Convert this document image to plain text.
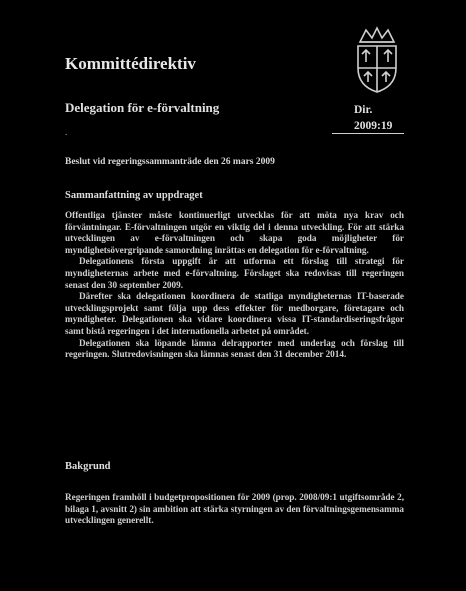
Kommittédirektiv
Delegation för e-förvaltning	Dir.
2009:19
.
Beslut vid regeringssammanträde den 26 mars 2009
Sammanfattning av uppdraget

Offentliga tjänster måste kontinuerligt utvecklas för att möta nya krav och förväntningar. E-förvaltningen utgör en viktig del i denna utveckling. För att stärka utvecklingen av e-förvaltningen och skapa goda möjligheter för myndighetsövergripande samordning inrättas en delegation för e-förvaltning.

Delegationens första uppgift är att utforma ett förslag till strategi för myndigheternas arbete med e-förvaltning. Förslaget ska redovisas till regeringen senast den 30 september 2009.

Därefter ska delegationen koordinera de statliga myndigheternas IT-baserade utvecklingsprojekt samt följa upp dess effekter för medborgare, företagare och myndigheter. Delegationen ska vidare koordinera vissa IT-standardiseringsfrågor samt bistå regeringen i det internationella arbetet på området.

Delegationen ska löpande lämna delrapporter med underlag och förslag till regeringen. Slutredovisningen ska lämnas senast den 31 december 2014.

Bakgrund

Regeringen framhöll i budgetpropositionen för 2009 (prop. 2008/09:1 utgiftsområde 2, bilaga 1, avsnitt 2) sin ambition att stärka styrningen av den förvaltningsgemensamma utvecklingen generellt.
